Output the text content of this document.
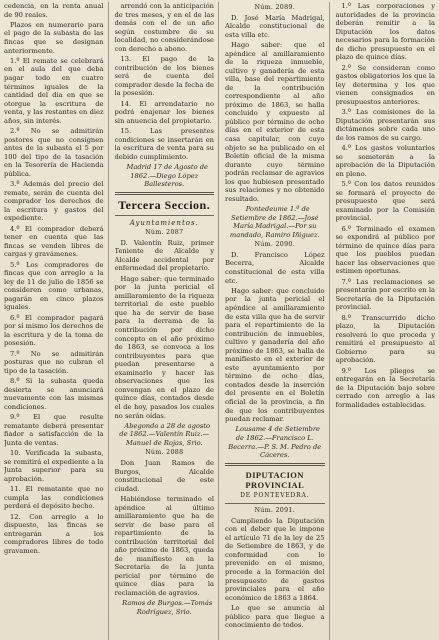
cedencia, en la renta anual de 90 reales.

Plazos en numerario para el pago de la subasta de las fincas que se designan anteriormente.

1.º El remate se celebrará en el aula del que deba pagar todo en cuatro términos iguales de la cantidad del dia en que se otorgue la escritura de venta, y las restantes en diez años, sin interés.

2.º No se admitirán postores que no consignen antes de la subasta el 5 por 100 del tipo de la tasación en la Tesorería de Hacienda pública.

3.º Además del precio del remate, serán de cuenta del comprador los derechos de la escritura y gastos del expediente.

4.º El comprador deberá tener en cuenta que las fincas se venden libres de cargas y gravámenes.

5.º Los compradores de fincas que con arreglo a la ley de 11 de julio de 1856 se consideren como urbanas, pagarán en cinco plazos iguales.

6.º El comprador pagará por sí mismo los derechos de la escritura y de la toma de posesión.

7.º No se admitirán posturas que no cubran el tipo de la tasación.

8.º Si la subasta queda desierta se anunciará nuevamente con las mismas condiciones.

9.º El que resulte rematante deberá presentar fiador a satisfacción de la Junta de ventas.

10. Verificada la subasta, se remitirá el expediente a la Junta superior para su aprobación.

11. El rematante que no cumpla las condiciones perderá el depósito hecho.

12. Con arreglo a lo dispuesto, las fincas se entregarán a los compradores libres de todo gravamen.

arrendó con la anticipación de tres meses, y en el de las demás con el de un año según costumbre de su localidad, no considerándose con derecho a abono.

13. El pago de la contribución de los bienes será de cuenta del comprador desde la fecha de la posesión.

14. El arrendatario no podrá enajenar los bienes sin anuencia del propietario.

15. Las presentes condiciones se insertarán en la escritura de venta para su debido cumplimiento.

Madrid 17 de Agosto de 1862.—Diego López Ballesteros.

Tercera Seccion.
Ayuntamientos.
Núm. 2087

D. Valentín Ruiz, primer Teniente de Alcalde y Alcalde accidental por enfermedad del propietario.

Hago saber: que terminado por la junta pericial el amillaramiento de la riqueza territorial de este pueblo que ha de servir de base para la derrama de la contribución por dicho concepto en el año próximo de 1863, se convoca a los contribuyentes para que puedan presentarse a examinarlo y hacer las observaciones que les convengan en el plazo de quince días, contados desde el de hoy, pasados los cuales no serán oídas.

Abegondo a 28 de agosto de 1862.—Valentín Ruiz.—Manuel de Rojas, Srio.

Núm. 2088

Don Juan Ramos de Burgos, Alcalde constitucional de este ciudad.

Habiéndose terminado el apéndice al último amillaramiento que ha de servir de base para el repartimiento de la contribución territorial del año próximo de 1863, queda de manifiesto en la Secretaría de la junta pericial por término de quince días para la reclamación de agravios.

Ramos de Burgos.—Tomás Rodríguez, Srio.

Núm. 2089.

D. José María Madrigal, Alcalde constitucional de esta villa etc.

Hago saber: que el apéndice al amillaramiento de la riqueza inmueble, cultivo y ganadería de esta villa, base del repartimiento de la contribución correspondiente al año próximo de 1863, se halla concluido y expuesto al público por término de ocho días en el exterior de esta casa capitular, con cuyo objeto se ha publicado en el Boletín oficial de la misma durante cuyo término podrán reclamar de agravios los que hubiesen presentado sus relaciones y no obtenido resultado.

Pontedeume 1.º de Setiembre de 1862.—José María Madrigal.—Por su mandado, Ramiro Iñiguez.

Núm. 2090.

D. Francisco López Becerra, Alcalde constitucional de esta villa etc.

Hago saber: que concluido por la junta pericial el apéndice al amillaramiento de esta villa que ha de servir para el repartimiento de la contribución de inmuebles, cultivo y ganadería del año próximo de 1863, se halla de manifiesto en el exterior de este ayuntamiento por término de ocho días, contados desde la inserción del presente en el Boletín oficial de la provincia, a fin de que los contribuyentes puedan reclamar.

Lousame 4 de Setiembre de 1862.—Francisco L. Becerra.—P. S. M. Pedro de Cáceres.

DIPUTACION PROVINCIAL
DE PONTEVEDRA.
Núm. 2091.

Cumpliendo la Diputación con el deber que le impone el artículo 71 de la ley de 25 de Setiembre de 1863, y de conformidad con lo prevenido en el mismo, procede a la formación del presupuesto de gastos provinciales para el año económico de 1863 a 1864.

Lo que se anuncia al público para que llegue a conocimiento de todos.

1.º Las corporaciones y autoridades de la provincia deberán remitir a la Diputación los datos necesarios para la formación de dicho presupuesto en el plazo de quince días.

2.º Se consideran como gastos obligatorios los que la ley determina y los que vienen consignados en presupuestos anteriores.

3.º Las comisiones de la Diputación presentarán sus dictámenes sobre cada uno de los ramos de su cargo.

4.º Los gastos voluntarios se someterán a la aprobación de la Diputación en pleno.

5.º Con los datos reunidos se formará el proyecto de presupuesto que será examinado por la Comisión provincial.

6.º Terminado el examen se expondrá al público por término de quince días para que los pueblos puedan hacer las observaciones que estimen oportunas.

7.º Las reclamaciones se presentarán por escrito en la Secretaría de la Diputación provincial.

8.º Transcurrido dicho plazo, la Diputación resolverá lo que proceda y remitirá el presupuesto al Gobierno para su aprobación.

9.º Los pliegos se entregarán en la Secretaría de la Diputación bajo sobre cerrado con arreglo a las formalidades establecidas.
